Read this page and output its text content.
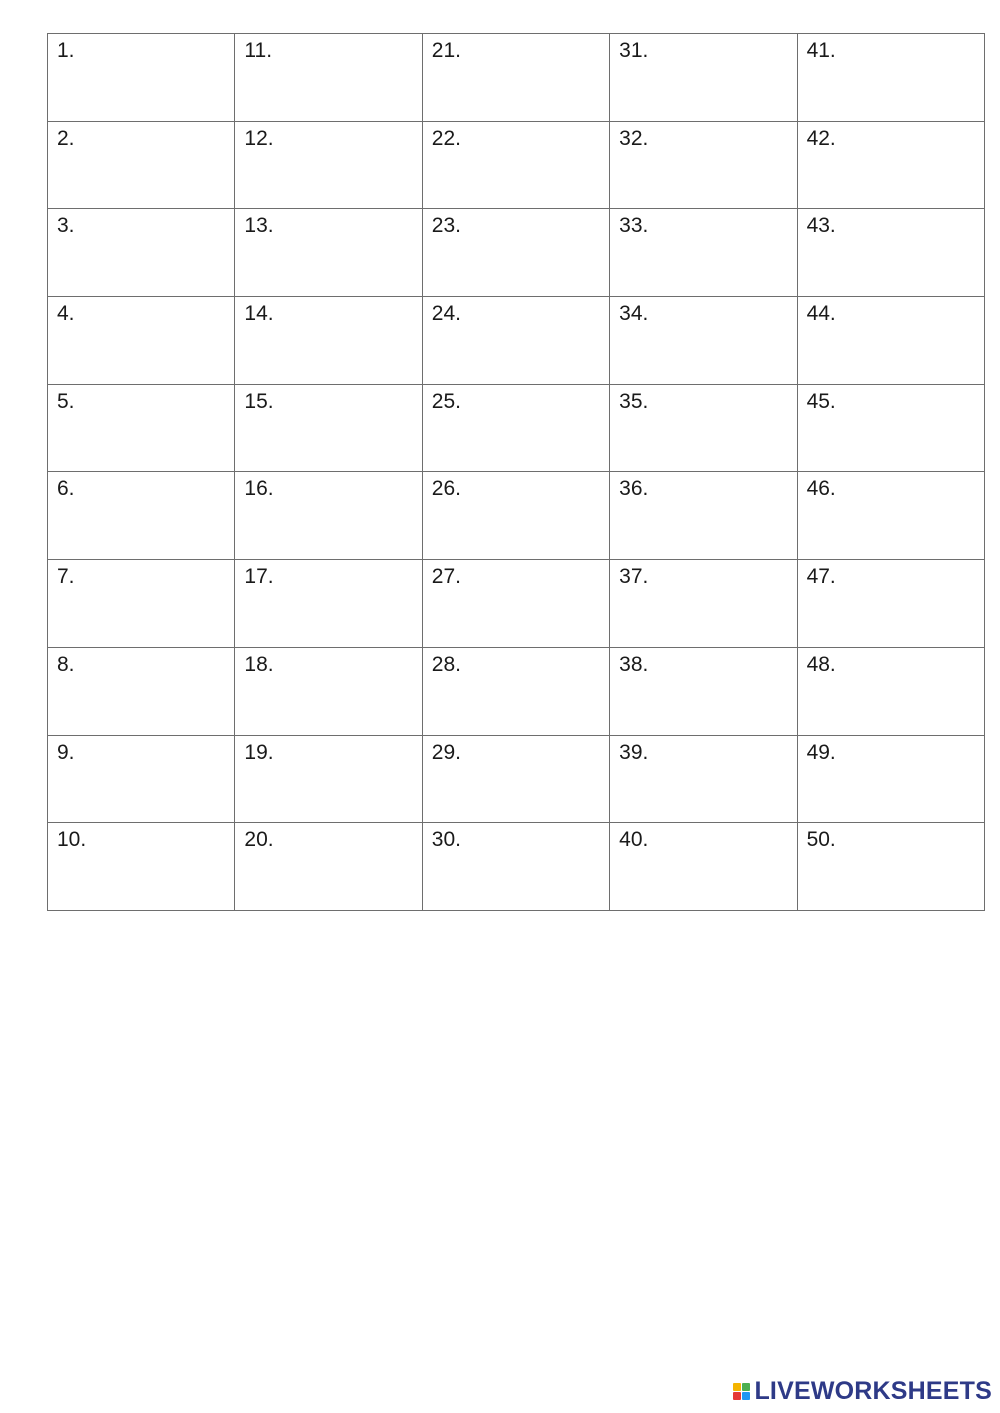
1.	11.	21.	31.	41.
2.	12.	22.	32.	42.
3.	13.	23.	33.	43.
4.	14.	24.	34.	44.
5.	15.	25.	35.	45.
6.	16.	26.	36.	46.
7.	17.	27.	37.	47.
8.	18.	28.	38.	48.
9.	19.	29.	39.	49.
10.	20.	30.	40.	50.
LIVEWORKSHEETS
